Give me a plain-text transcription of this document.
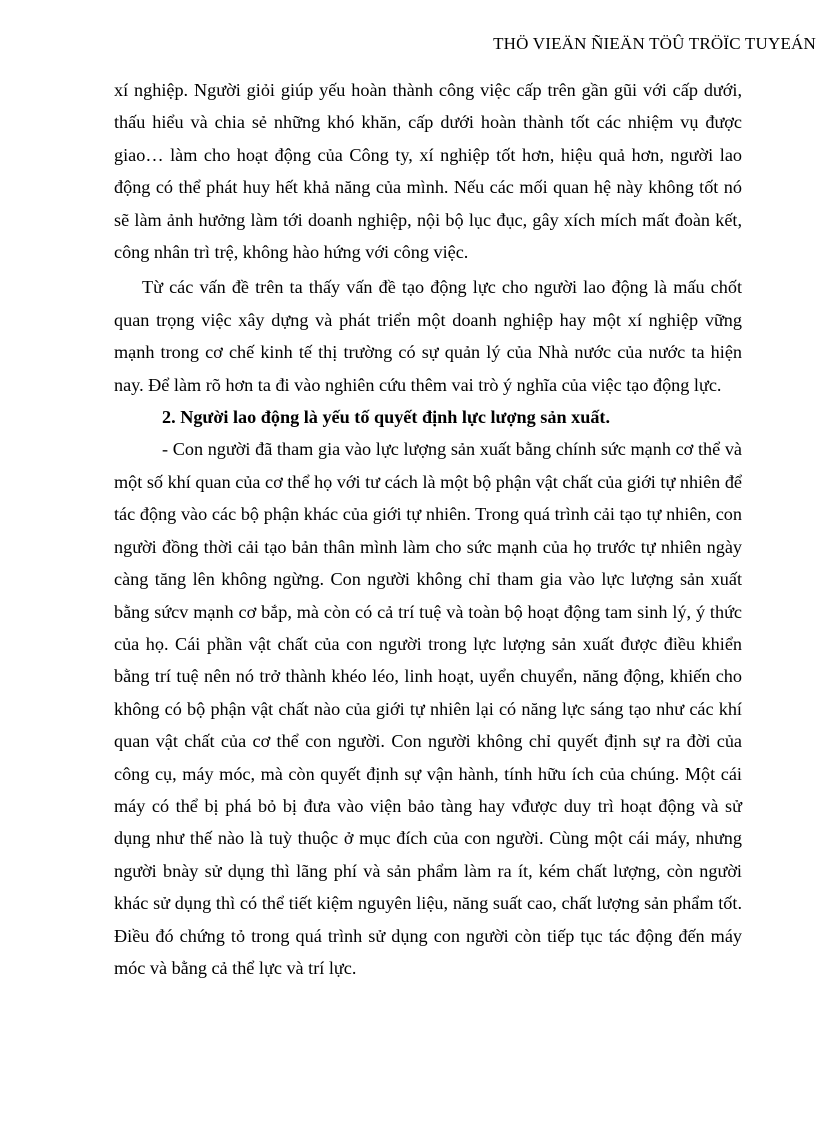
THÖ VIEÄN ÑIEÄN TÖÛ TRÖÏC TUYEÁN

xí nghiệp. Người giỏi giúp yếu hoàn thành công việc cấp trên gần gũi với cấp dưới, thấu hiểu và chia sẻ những khó khăn, cấp dưới hoàn thành tốt các nhiệm vụ được giao… làm cho hoạt động của Công ty, xí nghiệp tốt hơn, hiệu quả hơn, người lao động có thể phát huy hết khả năng của mình. Nếu các mối quan hệ này không tốt nó sẽ làm ảnh hưởng làm tới doanh nghiệp, nội bộ lục đục, gây xích mích mất đoàn kết, công nhân trì trệ, không hào hứng với công việc.

Từ các vấn đề trên ta thấy vấn đề tạo động lực cho người lao động là mấu chốt quan trọng việc xây dựng và phát triển một doanh nghiệp hay một xí nghiệp vững mạnh trong cơ chế kinh tế thị trường có sự quản lý của Nhà nước của nước ta hiện nay. Để làm rõ hơn ta đi vào nghiên cứu thêm vai trò ý nghĩa của việc tạo động lực.

2. Người lao động là yếu tố quyết định lực lượng sản xuất.

- Con người đã tham gia vào lực lượng sản xuất bằng chính sức mạnh cơ thể và một số khí quan của cơ thể họ với tư cách là một bộ phận vật chất của giới tự nhiên để tác động vào các bộ phận khác của giới tự nhiên. Trong quá trình cải tạo tự nhiên, con người đồng thời cải tạo bản thân mình làm cho sức mạnh của họ trước tự nhiên ngày càng tăng lên không ngừng. Con người không chỉ tham gia vào lực lượng sản xuất bằng sứcv mạnh cơ bắp, mà còn có cả trí tuệ và toàn bộ hoạt động tam sinh lý, ý thức của họ. Cái phần vật chất của con người trong lực lượng sản xuất được điều khiển bằng trí tuệ nên nó trở thành khéo léo, linh hoạt, uyển chuyển, năng động, khiến cho không có bộ phận vật chất nào của giới tự nhiên lại có năng lực sáng tạo như các khí quan vật chất của cơ thể con người. Con người không chỉ quyết định sự ra đời của công cụ, máy móc, mà còn quyết định sự vận hành, tính hữu ích của chúng. Một cái máy có thể bị phá bỏ bị đưa vào viện bảo tàng hay vđược duy trì hoạt động và sử dụng như thế nào là tuỳ thuộc ở mục đích của con người. Cùng một cái máy, nhưng người bnày sử dụng thì lãng phí và sản phẩm làm ra ít, kém chất lượng, còn người khác sử dụng thì có thể tiết kiệm nguyên liệu, năng suất cao, chất lượng sản phẩm tốt. Điều đó chứng tỏ trong quá trình sử dụng con người còn tiếp tục tác động đến máy móc và bằng cả thể lực và trí lực.
